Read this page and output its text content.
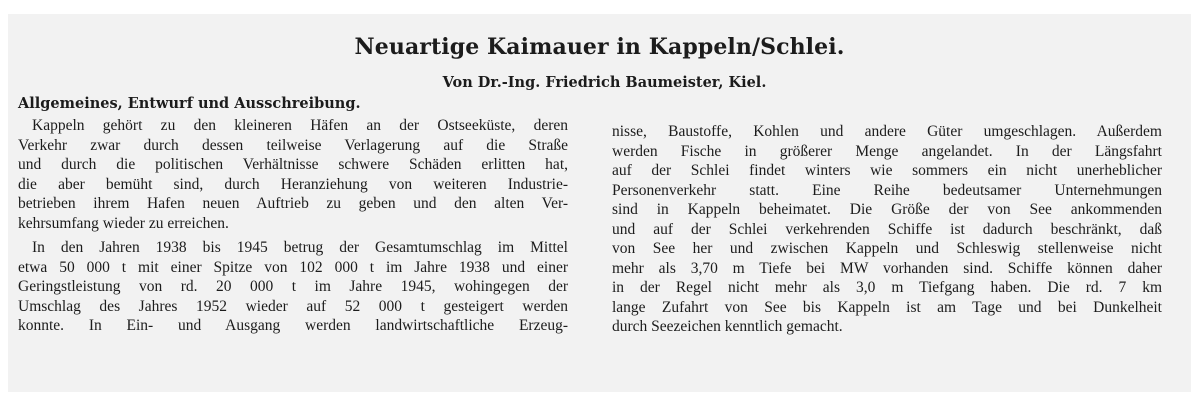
Neuartige Kaimauer in Kappeln/Schlei.

Von Dr.-Ing. Friedrich Baumeister, Kiel.

Allgemeines, Entwurf und Ausschreibung.

Kappeln gehört zu den kleineren Häfen an der Ostseeküste, deren
Verkehr zwar durch dessen teilweise Verlagerung auf die Straße
und durch die politischen Verhältnisse schwere Schäden erlitten hat,
die aber bemüht sind, durch Heranziehung von weiteren Industrie-
betrieben ihrem Hafen neuen Auftrieb zu geben und den alten Ver-
kehrsumfang wieder zu erreichen.
In den Jahren 1938 bis 1945 betrug der Gesamtumschlag im Mittel
etwa 50 000 t mit einer Spitze von 102 000 t im Jahre 1938 und einer
Geringstleistung von rd. 20 000 t im Jahre 1945, wohingegen der
Umschlag des Jahres 1952 wieder auf 52 000 t gesteigert werden
konnte. In Ein- und Ausgang werden landwirtschaftliche Erzeug-
nisse, Baustoffe, Kohlen und andere Güter umgeschlagen. Außerdem
werden Fische in größerer Menge angelandet. In der Längsfahrt
auf der Schlei findet winters wie sommers ein nicht unerheblicher
Personenverkehr statt. Eine Reihe bedeutsamer Unternehmungen
sind in Kappeln beheimatet. Die Größe der von See ankommenden
und auf der Schlei verkehrenden Schiffe ist dadurch beschränkt, daß
von See her und zwischen Kappeln und Schleswig stellenweise nicht
mehr als 3,70 m Tiefe bei MW vorhanden sind. Schiffe können daher
in der Regel nicht mehr als 3,0 m Tiefgang haben. Die rd. 7 km
lange Zufahrt von See bis Kappeln ist am Tage und bei Dunkelheit
durch Seezeichen kenntlich gemacht.
